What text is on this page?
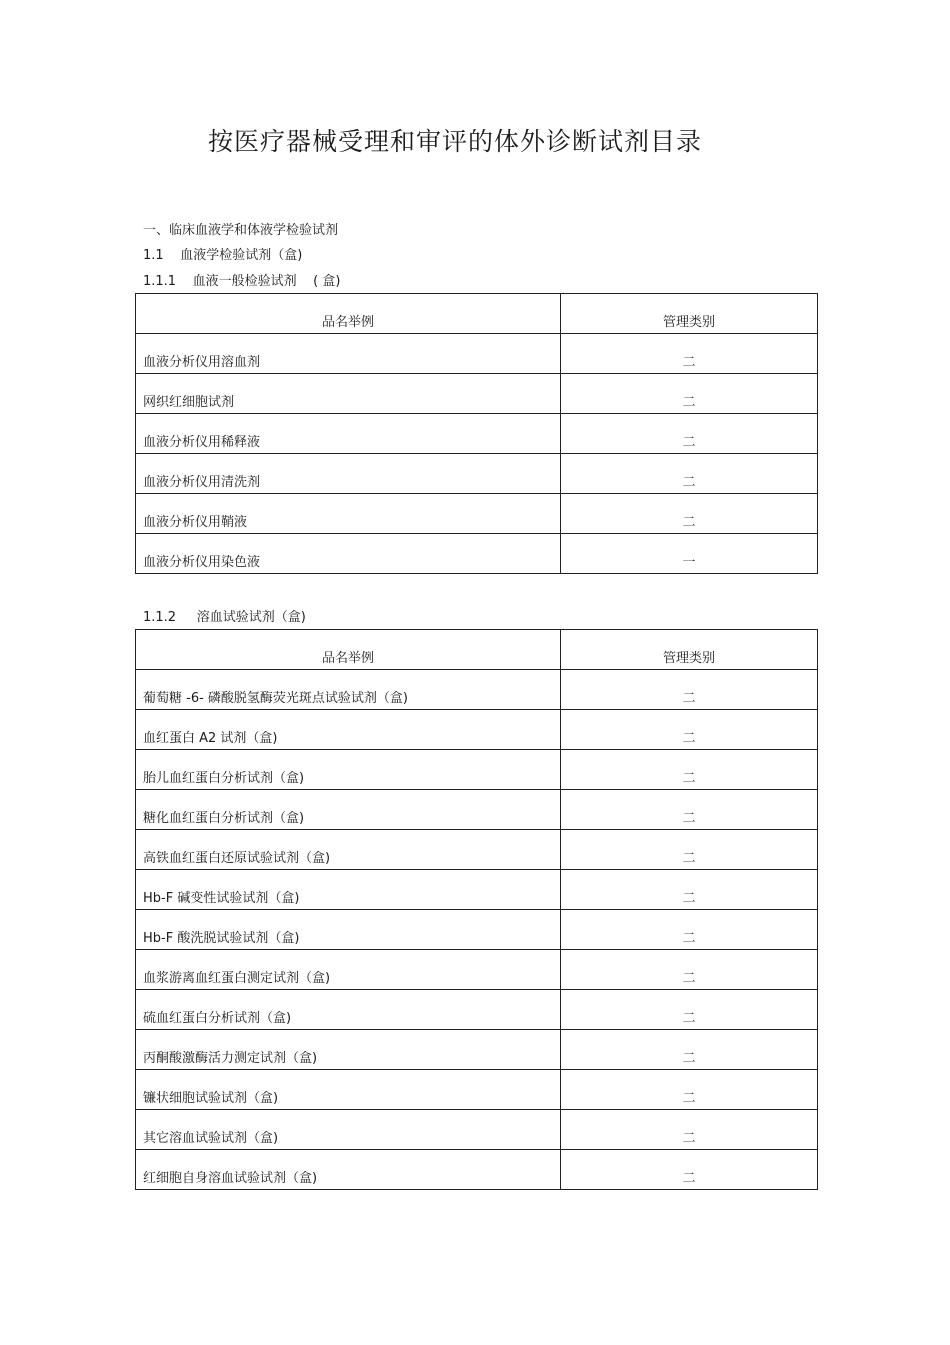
按医疗器械受理和审评的体外诊断试剂目录

一、临床血液学和体液学检验试剂

1.1    血液学检验试剂（盒)

1.1.1    血液一般检验试剂    ( 盒)

品名举例	管理类别
血液分析仪用溶血剂	二
网织红细胞试剂	二
血液分析仪用稀释液	二
血液分析仪用清洗剂	二
血液分析仪用鞘液	二
血液分析仪用染色液	一

1.1.2     溶血试验试剂（盒)

品名举例	管理类别
葡萄糖 -6- 磷酸脱氢酶荧光斑点试验试剂（盒)	二
血红蛋白 A2 试剂（盒)	二
胎儿血红蛋白分析试剂（盒)	二
糖化血红蛋白分析试剂（盒)	二
高铁血红蛋白还原试验试剂（盒)	二
Hb-F 碱变性试验试剂（盒)	二
Hb-F 酸洗脱试验试剂（盒)	二
血浆游离血红蛋白测定试剂（盒)	二
硫血红蛋白分析试剂（盒)	二
丙酮酸激酶活力测定试剂（盒)	二
镰状细胞试验试剂（盒)	二
其它溶血试验试剂（盒)	二
红细胞自身溶血试验试剂（盒)	二
